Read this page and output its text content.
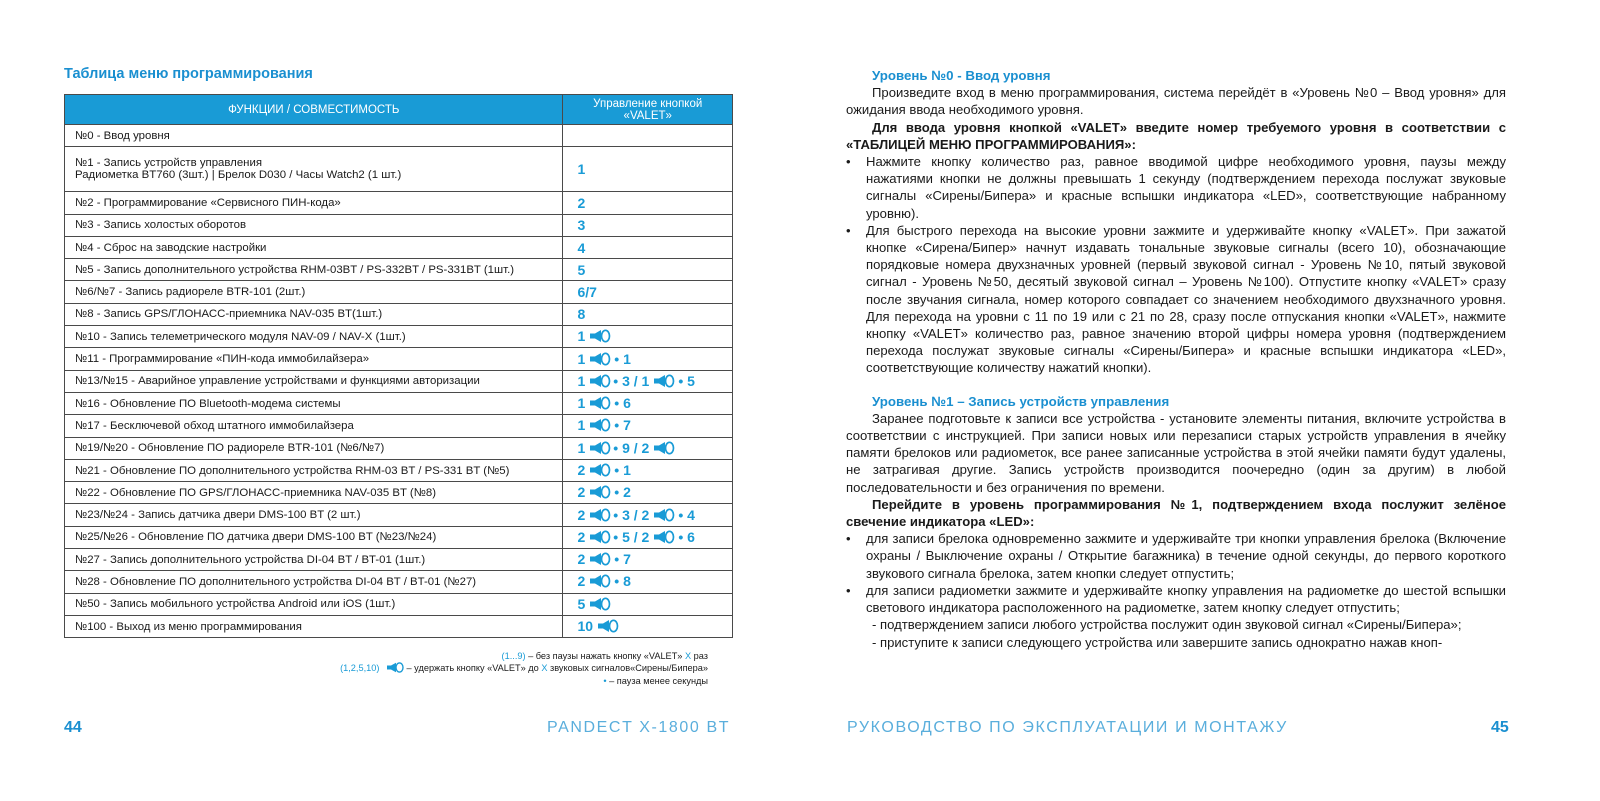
Таблица меню программирования
ФУНКЦИИ / СОВМЕСТИМОСТЬ	Управление кнопкой «VALET»
№0 - Ввод уровня	
№1 - Запись устройств управления
Радиометка BT760 (3шт.) | Брелок D030 / Часы Watch2 (1 шт.)	1
№2 - Программирование «Сервисного ПИН-кода»	2
№3 - Запись холостых оборотов	3
№4 - Сброс на заводские настройки	4
№5 - Запись дополнительного устройства RHM-03BT / PS-332BT / PS-331BT (1шт.)	5
№6/№7 - Запись радиореле BTR-101 (2шт.)	6/7
№8 - Запись GPS/ГЛОНАСС-приемника NAV-035 BT(1шт.)	8
№10 - Запись телеметрического модуля NAV-09 / NAV-X (1шт.)	1
№11 - Программирование «ПИН-кода иммобилайзера»	1 • 1
№13/№15 - Аварийное управление устройствами и функциями авторизации	1 • 3 / 1 • 5
№16 - Обновление ПО Bluetooth-модема системы	1 • 6
№17 - Бесключевой обход штатного иммобилайзера	1 • 7
№19/№20 - Обновление ПО радиореле BTR-101 (№6/№7)	1 • 9 / 2
№21 - Обновление ПО дополнительного устройства RHM-03 BT / PS-331 BT (№5)	2 • 1
№22 - Обновление ПО GPS/ГЛОНАСС-приемника NAV-035 BT (№8)	2 • 2
№23/№24 - Запись датчика двери DMS-100 BT (2 шт.)	2 • 3 / 2 • 4
№25/№26 - Обновление ПО датчика двери DMS-100 BT (№23/№24)	2 • 5 / 2 • 6
№27 - Запись дополнительного устройства DI-04 BT / BT-01 (1шт.)	2 • 7
№28 - Обновление ПО дополнительного устройства DI-04 BT / BT-01 (№27)	2 • 8
№50 - Запись мобильного устройства Android или iOS (1шт.)	5
№100 - Выход из меню программирования	10
(1...9) – без паузы нажать кнопку «VALET» X раз
(1,2,5,10)	– удержать кнопку «VALET» до X звуковых сигналов«Сирены/Бипера»
• – пауза менее секунды
44	PANDECT X-1800 BT

Уровень №0 - Ввод уровня

Произведите вход в меню программирования, система перейдёт в «Уровень №0 – Ввод уровня» для ожидания ввода необходимого уровня.

Для ввода уровня кнопкой «VALET» введите номер требуемого уровня в соответствии с «ТАБЛИЦЕЙ МЕНЮ ПРОГРАММИРОВАНИЯ»:

• Нажмите кнопку количество раз, равное вводимой цифре необходимого уровня, паузы между нажатиями кнопки не должны превышать 1 секунду (подтверждением перехода послужат звуковые сигналы «Сирены/Бипера» и красные вспышки индикатора «LED», соответствующие набранному уровню).
• Для быстрого перехода на высокие уровни зажмите и удерживайте кнопку «VALET». При зажатой кнопке «Сирена/Бипер» начнут издавать тональные звуковые сигналы (всего 10), обозначающие порядковые номера двухзначных уровней (первый звуковой сигнал - Уровень №10, пятый звуковой сигнал - Уровень №50, десятый звуковой сигнал – Уровень №100). Отпустите кнопку «VALET» сразу после звучания сигнала, номер которого совпадает со значением необходимого двухзначного уровня. Для перехода на уровни с 11 по 19 или с 21 по 28, сразу после отпускания кнопки «VALET», нажмите кнопку «VALET» количество раз, равное значению второй цифры номера уровня (подтверждением перехода послужат звуковые сигналы «Сирены/Бипера» и красные вспышки индикатора «LED», соответствующие количеству нажатий кнопки).

Уровень №1 – Запись устройств управления

Заранее подготовьте к записи все устройства - установите элементы питания, включите устройства в соответствии с инструкцией. При записи новых или перезаписи старых устройств управления в ячейку памяти брелоков или радиометок, все ранее записанные устройства в этой ячейки памяти будут удалены, не затрагивая другие. Запись устройств производится поочередно (один за другим) в любой последовательности и без ограничения по времени.

Перейдите в уровень программирования №1, подтверждением входа послужит зелёное свечение индикатора «LED»:

• для записи брелока одновременно зажмите и удерживайте три кнопки управления брелока (Включение охраны / Выключение охраны / Открытие багажника) в течение одной секунды, до первого короткого звукового сигнала брелока, затем кнопки следует отпустить;
• для записи радиометки зажмите и удерживайте кнопку управления на радиометке до шестой вспышки светового индикатора расположенного на радиометке, затем кнопку следует отпустить;

- подтверждением записи любого устройства послужит один звуковой сигнал «Сирены/Бипера»;

- приступите к записи следующего устройства или завершите запись однократно нажав кноп-

РУКОВОДСТВО ПО ЭКСПЛУАТАЦИИ И МОНТАЖУ	45
